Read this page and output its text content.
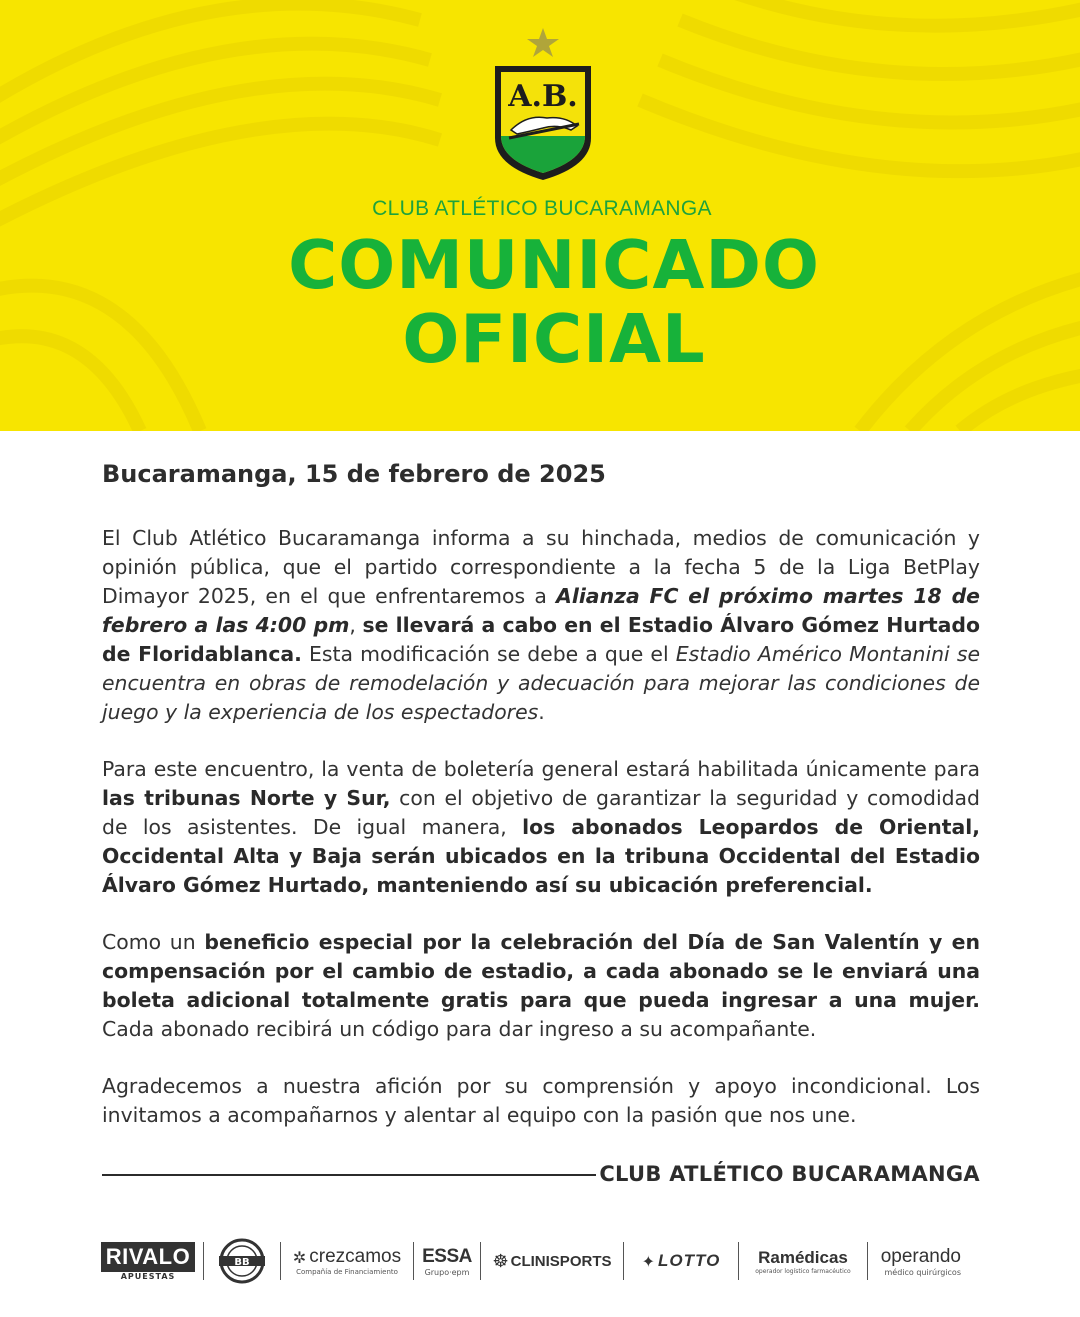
A.B.
CLUB ATLÉTICO BUCARAMANGA
COMUNICADO
OFICIAL
Bucaramanga, 15 de febrero de 2025

El Club Atlético Bucaramanga informa a su hinchada, medios de comunicación y opinión pública, que el partido correspondiente a la fecha 5 de la Liga BetPlay Dimayor 2025, en el que enfrentaremos a Alianza FC el próximo martes 18 de febrero a las 4:00 pm, se llevará a cabo en el Estadio Álvaro Gómez Hurtado de Floridablanca. Esta modificación se debe a que el Estadio Américo Montanini se encuentra en obras de remodelación y adecuación para mejorar las condiciones de juego y la experiencia de los espectadores.

Para este encuentro, la venta de boletería general estará habilitada únicamente para las tribunas Norte y Sur, con el objetivo de garantizar la seguridad y comodidad de los asistentes. De igual manera, los abonados Leopardos de Oriental, Occidental Alta y Baja serán ubicados en la tribuna Occidental del Estadio Álvaro Gómez Hurtado, manteniendo así su ubicación preferencial.

Como un beneficio especial por la celebración del Día de San Valentín y en compensación por el cambio de estadio, a cada abonado se le enviará una boleta adicional totalmente gratis para que pueda ingresar a una mujer. Cada abonado recibirá un código para dar ingreso a su acompañante.

Agradecemos a nuestra afición por su comprensión y apoyo incondicional. Los invitamos a acompañarnos y alentar al equipo con la pasión que nos une.

CLUB ATLÉTICO BUCARAMANGA
RIVALO
APUESTAS
BB	✲ crezcamos
Compañía de Financiamiento
ESSA
Grupo·epm
☸ CLINISPORTS ✦ LOTTO Ramédicas
operador logístico farmacéutico
operando
médico quirúrgicos
